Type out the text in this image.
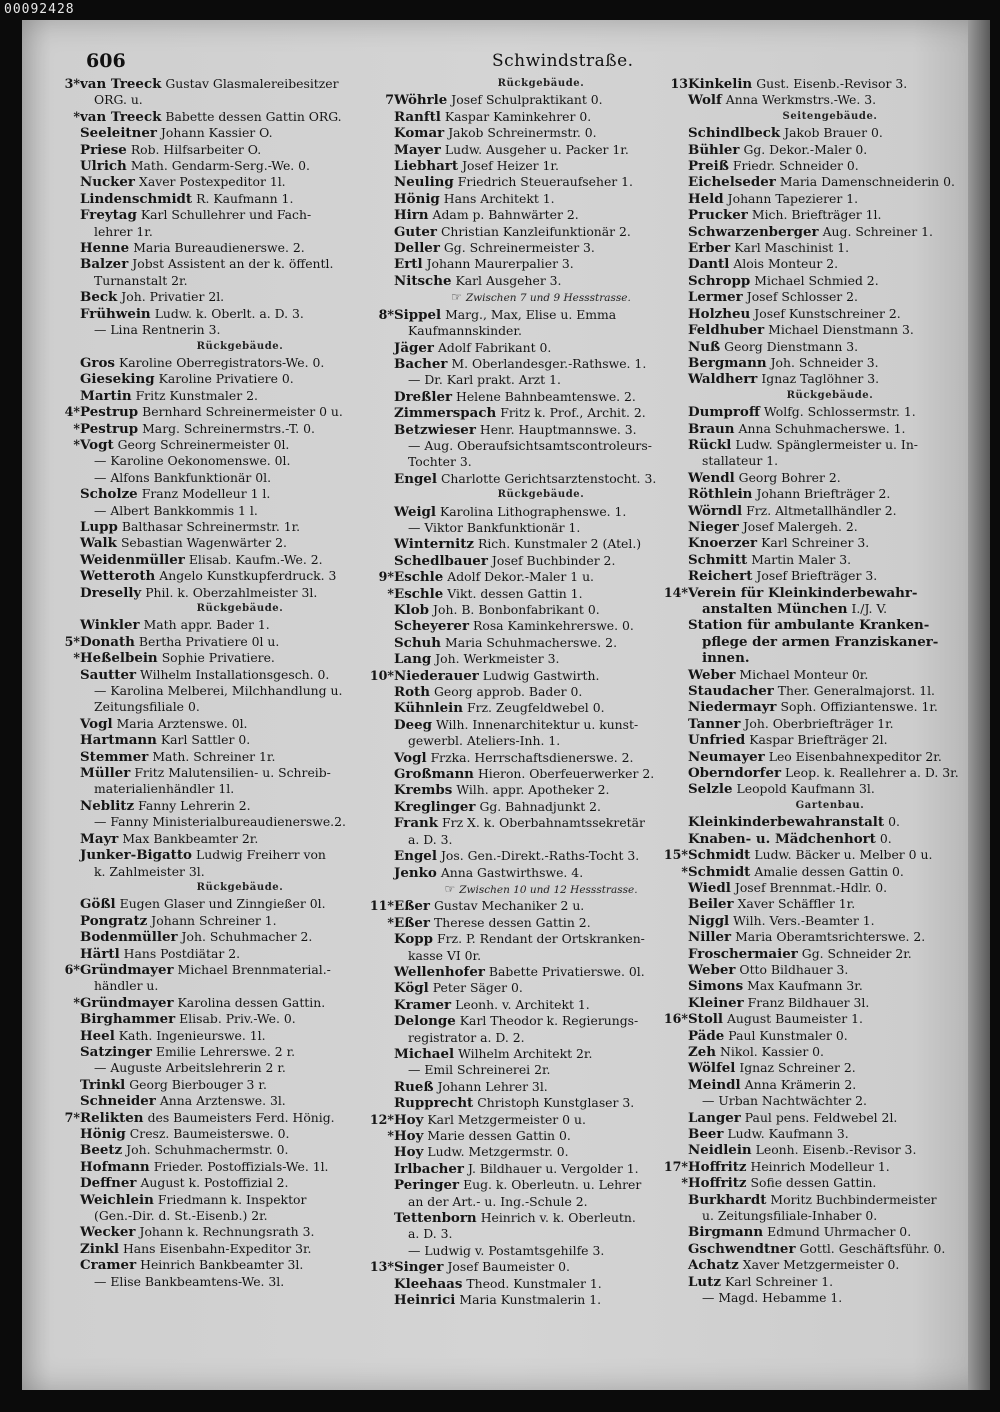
00092428
606	Schwindstraße.
3*van Treeck Gustav Glasmalereibesitzer
ORG. u.
*van Treeck Babette dessen Gattin ORG.
Seeleitner Johann Kassier O.
Priese Rob. Hilfsarbeiter O.
Ulrich Math. Gendarm-Serg.-We. 0.
Nucker Xaver Postexpeditor 1l.
Lindenschmidt R. Kaufmann 1.
Freytag Karl Schullehrer und Fach-
lehrer 1r.
Henne Maria Bureaudienerswe. 2.
Balzer Jobst Assistent an der k. öffentl.
Turnanstalt 2r.
Beck Joh. Privatier 2l.
Frühwein Ludw. k. Oberlt. a. D. 3.
— Lina Rentnerin 3.
Rückgebäude.
Gros Karoline Oberregistrators-We. 0.
Gieseking Karoline Privatiere 0.
Martin Fritz Kunstmaler 2.
4*Pestrup Bernhard Schreinermeister 0 u.
*Pestrup Marg. Schreinermstrs.-T. 0.
*Vogt Georg Schreinermeister 0l.
— Karoline Oekonomenswe. 0l.
— Alfons Bankfunktionär 0l.
Scholze Franz Modelleur 1 l.
— Albert Bankkommis 1 l.
Lupp Balthasar Schreinermstr. 1r.
Walk Sebastian Wagenwärter 2.
Weidenmüller Elisab. Kaufm.-We. 2.
Wetteroth Angelo Kunstkupferdruck. 3
Dreselly Phil. k. Oberzahlmeister 3l.
Rückgebäude.
Winkler Math appr. Bader 1.
5*Donath Bertha Privatiere 0l u.
*Heßelbein Sophie Privatiere.
Sautter Wilhelm Installationsgesch. 0.
— Karolina Melberei, Milchhandlung u.
Zeitungsfiliale 0.
Vogl Maria Arztenswe. 0l.
Hartmann Karl Sattler 0.
Stemmer Math. Schreiner 1r.
Müller Fritz Malutensilien- u. Schreib-
materialienhändler 1l.
Neblitz Fanny Lehrerin 2.
— Fanny Ministerialbureaudienerswe.2.
Mayr Max Bankbeamter 2r.
Junker-Bigatto Ludwig Freiherr von
k. Zahlmeister 3l.
Rückgebäude.
Gößl Eugen Glaser und Zinngießer 0l.
Pongratz Johann Schreiner 1.
Bodenmüller Joh. Schuhmacher 2.
Härtl Hans Postdiätar 2.
6*Gründmayer Michael Brennmaterial.-
händler u.
*Gründmayer Karolina dessen Gattin.
Birghammer Elisab. Priv.-We. 0.
Heel Kath. Ingenieurswe. 1l.
Satzinger Emilie Lehrerswe. 2 r.
— Auguste Arbeitslehrerin 2 r.
Trinkl Georg Bierbouger 3 r.
Schneider Anna Arztenswe. 3l.
7*Relikten des Baumeisters Ferd. Hönig.
Hönig Cresz. Baumeisterswe. 0.
Beetz Joh. Schuhmachermstr. 0.
Hofmann Frieder. Postoffizials-We. 1l.
Deffner August k. Postoffizial 2.
Weichlein Friedmann k. Inspektor
(Gen.-Dir. d. St.-Eisenb.) 2r.
Wecker Johann k. Rechnungsrath 3.
Zinkl Hans Eisenbahn-Expeditor 3r.
Cramer Heinrich Bankbeamter 3l.
— Elise Bankbeamtens-We. 3l.
Rückgebäude.
7Wöhrle Josef Schulpraktikant 0.
Ranftl Kaspar Kaminkehrer 0.
Komar Jakob Schreinermstr. 0.
Mayer Ludw. Ausgeher u. Packer 1r.
Liebhart Josef Heizer 1r.
Neuling Friedrich Steueraufseher 1.
Hönig Hans Architekt 1.
Hirn Adam p. Bahnwärter 2.
Guter Christian Kanzleifunktionär 2.
Deller Gg. Schreinermeister 3.
Ertl Johann Maurerpalier 3.
Nitsche Karl Ausgeher 3.
☞ Zwischen 7 und 9 Hessstrasse.
8*Sippel Marg., Max, Elise u. Emma
Kaufmannskinder.
Jäger Adolf Fabrikant 0.
Bacher M. Oberlandesger.-Rathswe. 1.
— Dr. Karl prakt. Arzt 1.
Dreßler Helene Bahnbeamtenswe. 2.
Zimmerspach Fritz k. Prof., Archit. 2.
Betzwieser Henr. Hauptmannswe. 3.
— Aug. Oberaufsichtsamtscontroleurs-
Tochter 3.
Engel Charlotte Gerichtsarztenstocht. 3.
Rückgebäude.
Weigl Karolina Lithographenswe. 1.
— Viktor Bankfunktionär 1.
Winternitz Rich. Kunstmaler 2 (Atel.)
Schedlbauer Josef Buchbinder 2.
9*Eschle Adolf Dekor.-Maler 1 u.
*Eschle Vikt. dessen Gattin 1.
Klob Joh. B. Bonbonfabrikant 0.
Scheyerer Rosa Kaminkehrerswe. 0.
Schuh Maria Schuhmacherswe. 2.
Lang Joh. Werkmeister 3.
10*Niederauer Ludwig Gastwirth.
Roth Georg approb. Bader 0.
Kühnlein Frz. Zeugfeldwebel 0.
Deeg Wilh. Innenarchitektur u. kunst-
gewerbl. Ateliers-Inh. 1.
Vogl Frzka. Herrschaftsdienerswe. 2.
Großmann Hieron. Oberfeuerwerker 2.
Krembs Wilh. appr. Apotheker 2.
Kreglinger Gg. Bahnadjunkt 2.
Frank Frz X. k. Oberbahnamtssekretär
a. D. 3.
Engel Jos. Gen.-Direkt.-Raths-Tocht 3.
Jenko Anna Gastwirthswe. 4.
☞ Zwischen 10 und 12 Hessstrasse.
11*Eßer Gustav Mechaniker 2 u.
*Eßer Therese dessen Gattin 2.
Kopp Frz. P. Rendant der Ortskranken-
kasse VI 0r.
Wellenhofer Babette Privatierswe. 0l.
Kögl Peter Säger 0.
Kramer Leonh. v. Architekt 1.
Delonge Karl Theodor k. Regierungs-
registrator a. D. 2.
Michael Wilhelm Architekt 2r.
— Emil Schreinerei 2r.
Rueß Johann Lehrer 3l.
Rupprecht Christoph Kunstglaser 3.
12*Hoy Karl Metzgermeister 0 u.
*Hoy Marie dessen Gattin 0.
Hoy Ludw. Metzgermstr. 0.
Irlbacher J. Bildhauer u. Vergolder 1.
Peringer Eug. k. Oberleutn. u. Lehrer
an der Art.- u. Ing.-Schule 2.
Tettenborn Heinrich v. k. Oberleutn.
a. D. 3.
— Ludwig v. Postamtsgehilfe 3.
13*Singer Josef Baumeister 0.
Kleehaas Theod. Kunstmaler 1.
Heinrici Maria Kunstmalerin 1.
13Kinkelin Gust. Eisenb.-Revisor 3.
Wolf Anna Werkmstrs.-We. 3.
Seitengebäude.
Schindlbeck Jakob Brauer 0.
Bühler Gg. Dekor.-Maler 0.
Preiß Friedr. Schneider 0.
Eichelseder Maria Damenschneiderin 0.
Held Johann Tapezierer 1.
Prucker Mich. Briefträger 1l.
Schwarzenberger Aug. Schreiner 1.
Erber Karl Maschinist 1.
Dantl Alois Monteur 2.
Schropp Michael Schmied 2.
Lermer Josef Schlosser 2.
Holzheu Josef Kunstschreiner 2.
Feldhuber Michael Dienstmann 3.
Nuß Georg Dienstmann 3.
Bergmann Joh. Schneider 3.
Waldherr Ignaz Taglöhner 3.
Rückgebäude.
Dumproff Wolfg. Schlossermstr. 1.
Braun Anna Schuhmacherswe. 1.
Rückl Ludw. Spänglermeister u. In-
stallateur 1.
Wendl Georg Bohrer 2.
Röthlein Johann Briefträger 2.
Wörndl Frz. Altmetallhändler 2.
Nieger Josef Malergeh. 2.
Knoerzer Karl Schreiner 3.
Schmitt Martin Maler 3.
Reichert Josef Briefträger 3.
14*Verein für Kleinkinderbewahr-
anstalten München I./J. V.
Station für ambulante Kranken-
pflege der armen Franziskaner-
innen.
Weber Michael Monteur 0r.
Staudacher Ther. Generalmajorst. 1l.
Niedermayr Soph. Offiziantenswe. 1r.
Tanner Joh. Oberbriefträger 1r.
Unfried Kaspar Briefträger 2l.
Neumayer Leo Eisenbahnexpeditor 2r.
Oberndorfer Leop. k. Reallehrer a. D. 3r.
Selzle Leopold Kaufmann 3l.
Gartenbau.
Kleinkinderbewahranstalt 0.
Knaben- u. Mädchenhort 0.
15*Schmidt Ludw. Bäcker u. Melber 0 u.
*Schmidt Amalie dessen Gattin 0.
Wiedl Josef Brennmat.-Hdlr. 0.
Beiler Xaver Schäffler 1r.
Niggl Wilh. Vers.-Beamter 1.
Niller Maria Oberamtsrichterswe. 2.
Froschermaier Gg. Schneider 2r.
Weber Otto Bildhauer 3.
Simons Max Kaufmann 3r.
Kleiner Franz Bildhauer 3l.
16*Stoll August Baumeister 1.
Päde Paul Kunstmaler 0.
Zeh Nikol. Kassier 0.
Wölfel Ignaz Schreiner 2.
Meindl Anna Krämerin 2.
— Urban Nachtwächter 2.
Langer Paul pens. Feldwebel 2l.
Beer Ludw. Kaufmann 3.
Neidlein Leonh. Eisenb.-Revisor 3.
17*Hoffritz Heinrich Modelleur 1.
*Hoffritz Sofie dessen Gattin.
Burkhardt Moritz Buchbindermeister
u. Zeitungsfiliale-Inhaber 0.
Birgmann Edmund Uhrmacher 0.
Gschwendtner Gottl. Geschäftsführ. 0.
Achatz Xaver Metzgermeister 0.
Lutz Karl Schreiner 1.
— Magd. Hebamme 1.
